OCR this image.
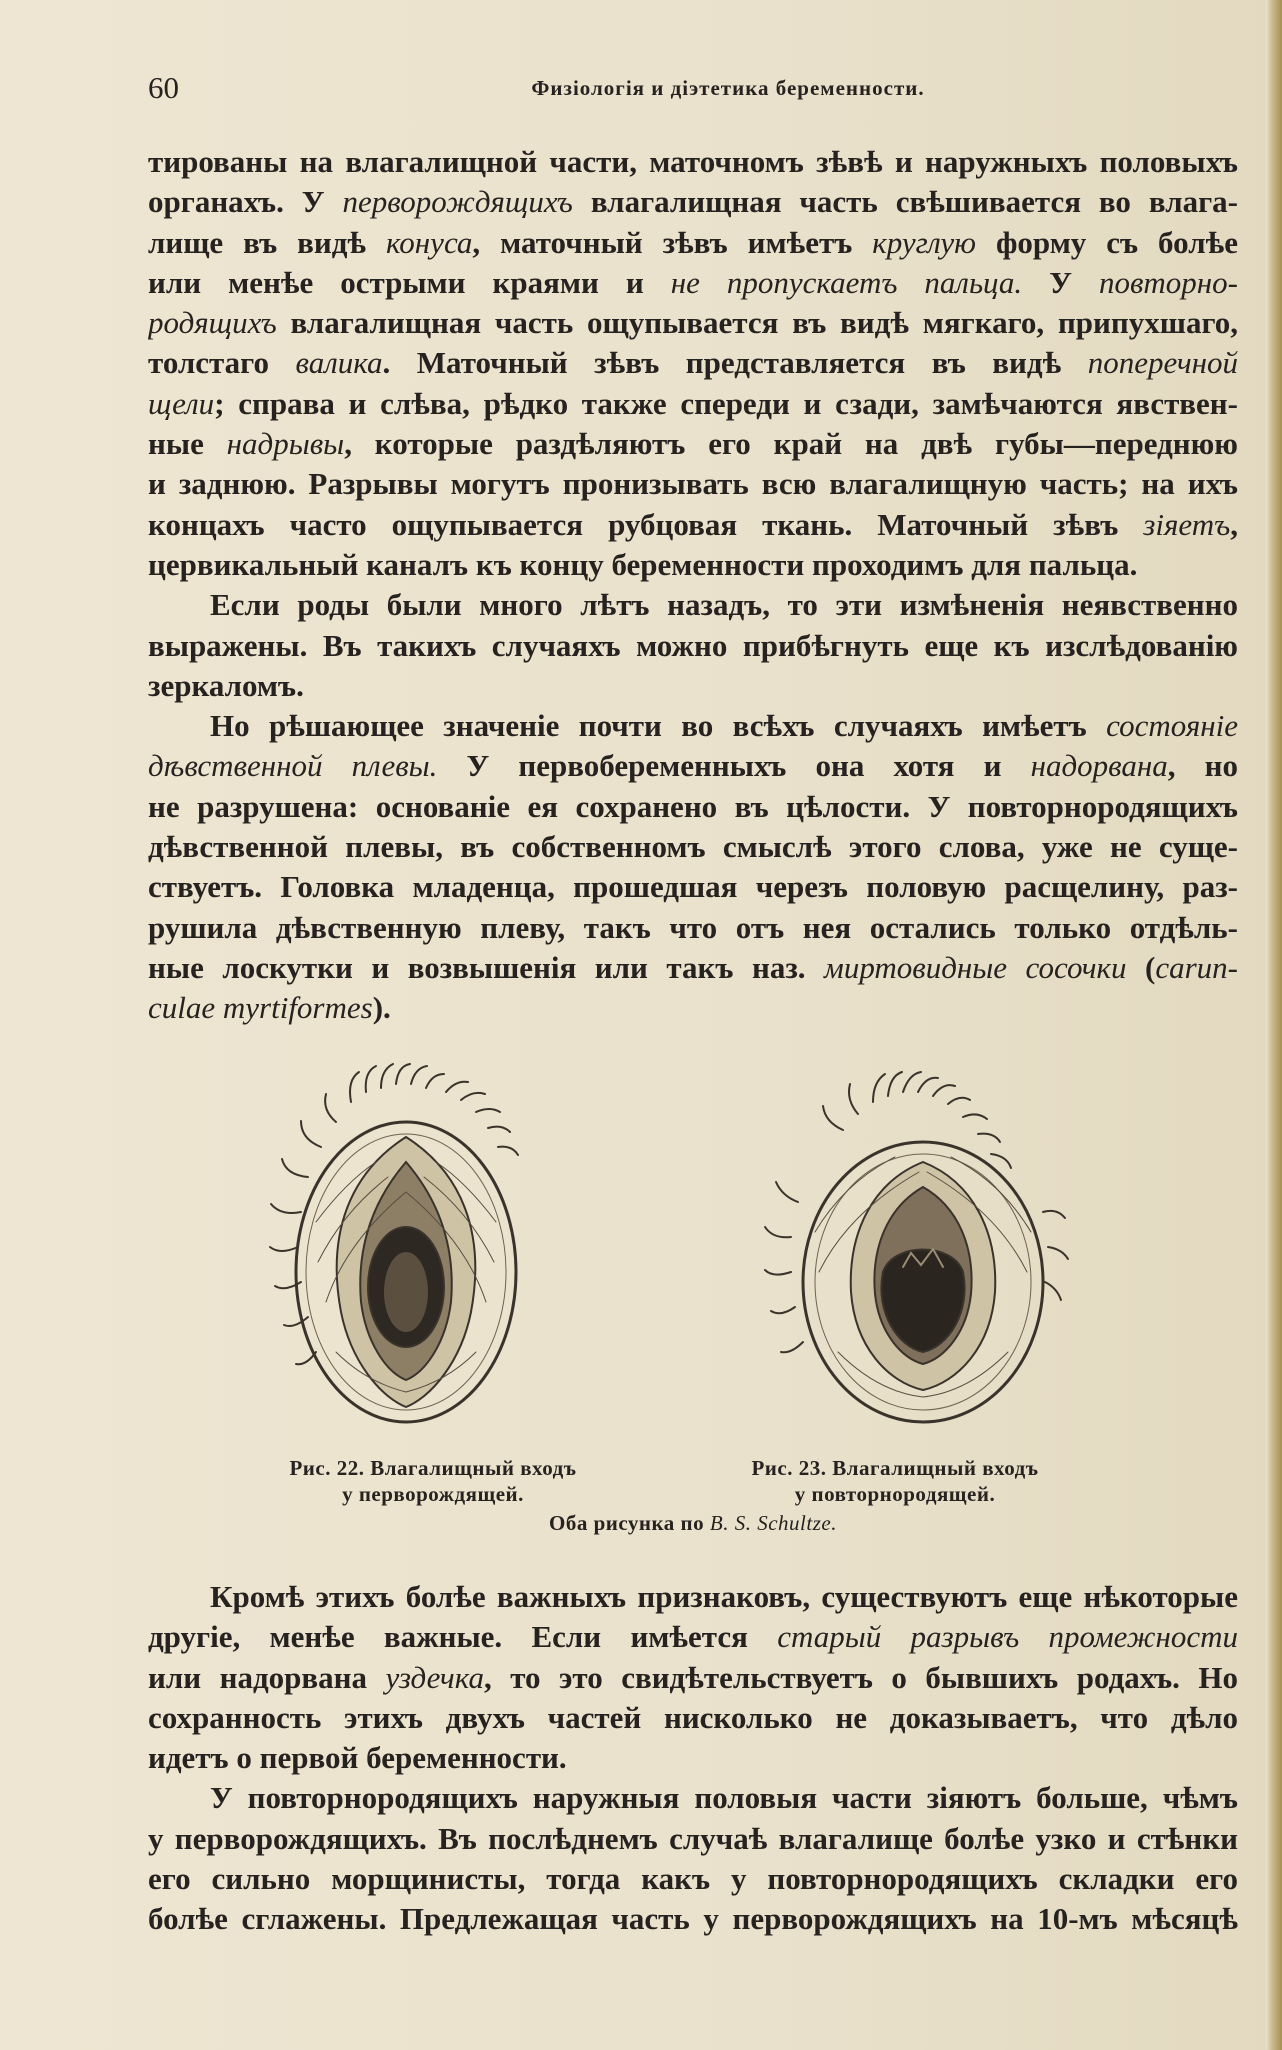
60	Физіологія и діэтетика беременности.
тированы на влагалищной части, маточномъ зѣвѣ и наружныхъ половыхъ
органахъ. У перворождящихъ влагалищная часть свѣшивается во влага-
лище въ видѣ конуса, маточный зѣвъ имѣетъ круглую форму съ болѣе
или менѣе острыми краями и не пропускаетъ пальца. У повторно-
родящихъ влагалищная часть ощупывается въ видѣ мягкаго, припухшаго,
толстаго валика. Маточный зѣвъ представляется въ видѣ поперечной
щели; справа и слѣва, рѣдко также спереди и сзади, замѣчаются явствен-
ные надрывы, которые раздѣляютъ его край на двѣ губы—переднюю
и заднюю. Разрывы могутъ пронизывать всю влагалищную часть; на ихъ
концахъ часто ощупывается рубцовая ткань. Маточный зѣвъ зіяетъ,
цервикальный каналъ къ концу беременности проходимъ для пальца.
Если роды были много лѣтъ назадъ, то эти измѣненія неявственно
выражены. Въ такихъ случаяхъ можно прибѣгнуть еще къ изслѣдованію
зеркаломъ.
Но рѣшающее значеніе почти во всѣхъ случаяхъ имѣетъ состояніе
дѣвственной плевы. У первобеременныхъ она хотя и надорвана, но
не разрушена: основаніе ея сохранено въ цѣлости. У повторнородящихъ
дѣвственной плевы, въ собственномъ смыслѣ этого слова, уже не суще-
ствуетъ. Головка младенца, прошедшая черезъ половую расщелину, раз-
рушила дѣвственную плеву, такъ что отъ нея остались только отдѣль-
ные лоскутки и возвышенія или такъ наз. миртовидные сосочки (carun-
culae myrtiformes).
Рис. 22. Влагалищный входъ
у перворождящей.
Рис. 23. Влагалищный входъ
у повторнородящей.
Оба рисунка по B. S. Schultze.
Кромѣ этихъ болѣе важныхъ признаковъ, существуютъ еще нѣкоторые
другіе, менѣе важные. Если имѣется старый разрывъ промежности
или надорвана уздечка, то это свидѣтельствуетъ о бывшихъ родахъ. Но
сохранность этихъ двухъ частей нисколько не доказываетъ, что дѣло
идетъ о первой беременности.
У повторнородящихъ наружныя половыя части зіяютъ больше, чѣмъ
у перворождящихъ. Въ послѣднемъ случаѣ влагалище болѣе узко и стѣнки
его сильно морщинисты, тогда какъ у повторнородящихъ складки его
болѣе сглажены. Предлежащая часть у перворождящихъ на 10-мъ мѣсяцѣ
